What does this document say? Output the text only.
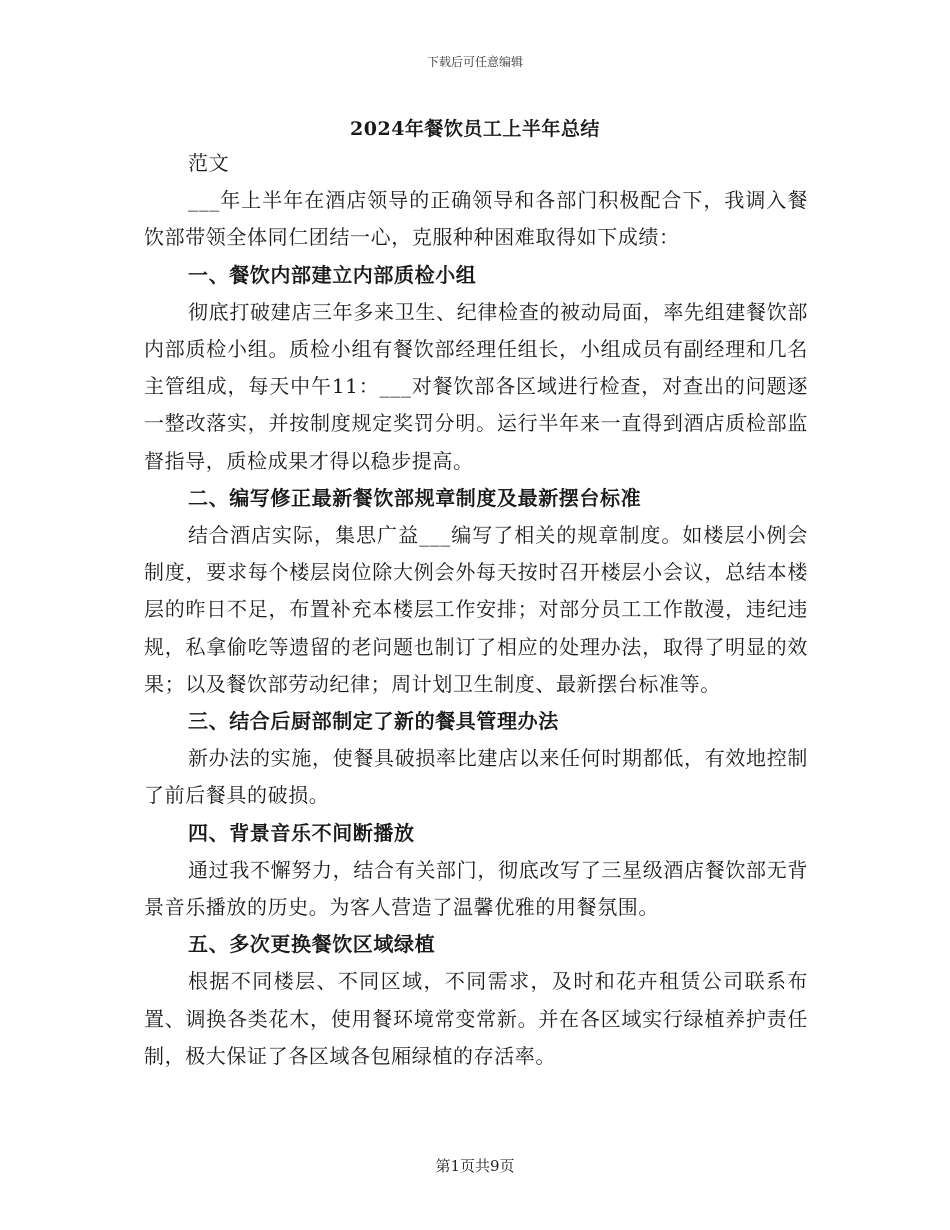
下载后可任意编辑
2024年餐饮员工上半年总结

范文

___年上半年在酒店领导的正确领导和各部门积极配合下，我调入餐饮部带领全体同仁团结一心，克服种种困难取得如下成绩：

一、餐饮内部建立内部质检小组

彻底打破建店三年多来卫生、纪律检查的被动局面，率先组建餐饮部内部质检小组。质检小组有餐饮部经理任组长，小组成员有副经理和几名主管组成，每天中午11：___对餐饮部各区域进行检查，对查出的问题逐一整改落实，并按制度规定奖罚分明。运行半年来一直得到酒店质检部监督指导，质检成果才得以稳步提高。

二、编写修正最新餐饮部规章制度及最新摆台标准

结合酒店实际，集思广益___编写了相关的规章制度。如楼层小例会制度，要求每个楼层岗位除大例会外每天按时召开楼层小会议，总结本楼层的昨日不足，布置补充本楼层工作安排；对部分员工工作散漫，违纪违规，私拿偷吃等遗留的老问题也制订了相应的处理办法，取得了明显的效果；以及餐饮部劳动纪律；周计划卫生制度、最新摆台标准等。

三、结合后厨部制定了新的餐具管理办法

新办法的实施，使餐具破损率比建店以来任何时期都低，有效地控制了前后餐具的破损。

四、背景音乐不间断播放

通过我不懈努力，结合有关部门，彻底改写了三星级酒店餐饮部无背景音乐播放的历史。为客人营造了温馨优雅的用餐氛围。

五、多次更换餐饮区域绿植

根据不同楼层、不同区域，不同需求，及时和花卉租赁公司联系布置、调换各类花木，使用餐环境常变常新。并在各区域实行绿植养护责任制，极大保证了各区域各包厢绿植的存活率。

第1页共9页
